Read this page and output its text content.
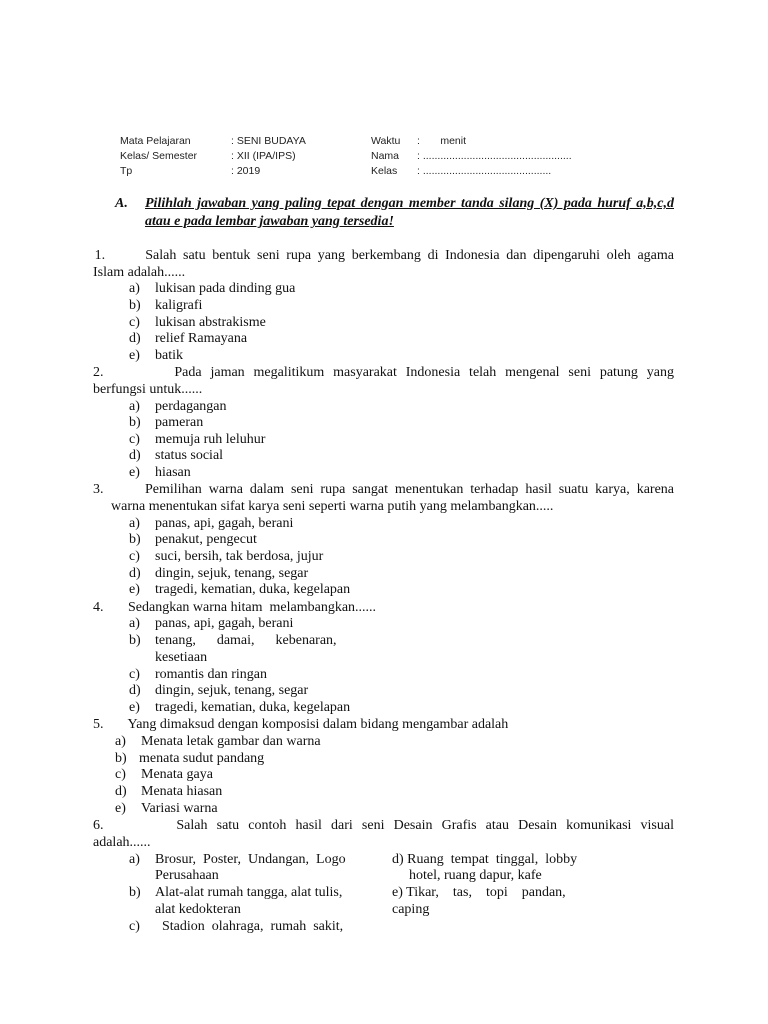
Mata Pelajaran
Kelas/ Semester
Tp
: SENI BUDAYA
: XII (IPA/IPS)
: 2019
Waktu
Nama
Kelas
:       menit
: ...................................................
: ............................................
A.	Pilihlah jawaban yang paling tepat dengan member tanda silang (X) pada huruf a,b,c,d atau e pada lembar jawaban yang tersedia!
1.      Salah satu bentuk seni rupa yang berkembang di Indonesia dan dipengaruhi oleh agama
Islam adalah......
a) lukisan pada dinding gua
b) kaligrafi
c) lukisan abstrakisme
d) relief Ramayana
e) batik
2.        Pada jaman megalitikum masyarakat Indonesia telah mengenal seni patung yang
berfungsi untuk......
a) perdagangan
b) pameran
c) memuja ruh leluhur
d) status social
e) hiasan
3.      Pemilihan warna dalam seni rupa sangat menentukan terhadap hasil suatu karya, karena
warna menentukan sifat karya seni seperti warna putih yang melambangkan.....
a) panas, api, gagah, berani
b) penakut, pengecut
c) suci, bersih, tak berdosa, jujur
d) dingin, sejuk, tenang, segar
e) tragedi, kematian, duka, kegelapan
4.       Sedangkan warna hitam  melambangkan......
a) panas, api, gagah, berani
b) tenang,      damai,      kebenaran,
kesetiaan
c) romantis dan ringan
d) dingin, sejuk, tenang, segar
e) tragedi, kematian, duka, kegelapan
5.       Yang dimaksud dengan komposisi dalam bidang mengambar adalah
a) Menata letak gambar dan warna
b) menata sudut pandang
c) Menata gaya
d) Menata hiasan
e) Variasi warna
6.        Salah satu contoh hasil dari seni Desain Grafis atau Desain komunikasi visual
adalah......
a) Brosur,  Poster,  Undangan,  Logo
Perusahaan
b) Alat-alat rumah tangga, alat tulis,
alat kedokteran
c)  Stadion  olahraga,  rumah  sakit,
d) Ruang  tempat  tinggal,  lobby
hotel, ruang dapur, kafe
e) Tikar,    tas,    topi    pandan,
caping
